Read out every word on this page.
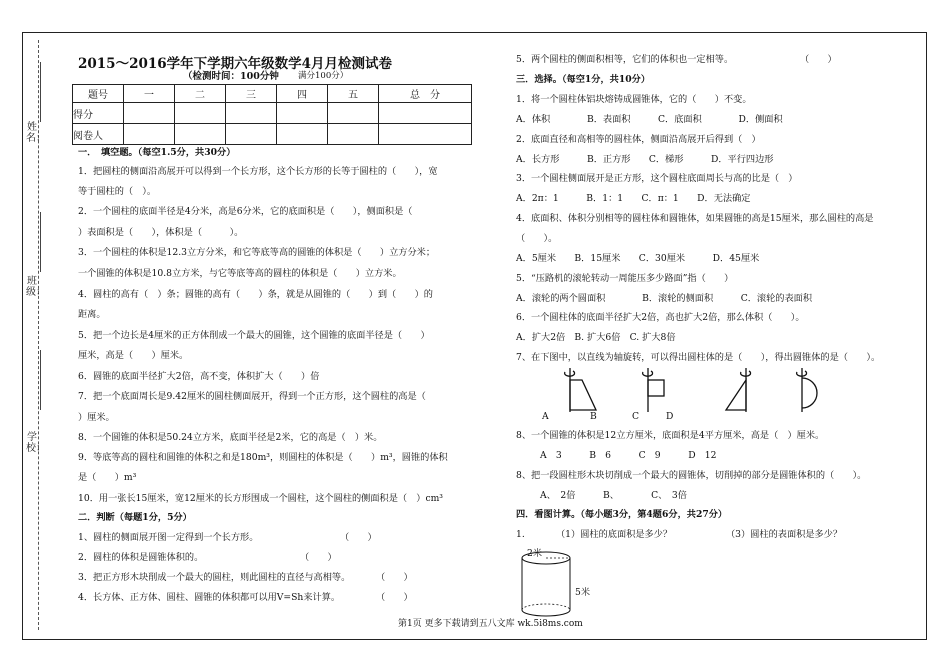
姓名：
班级：
学校：
2015～2016学年下学期六年级数学4月月检测试卷
（检测时间：100分钟 满分100分）
题号	一	二	三	四	五	总　分
得分						
阅卷人						
一．　填空题。（每空1.5分，共30分）
1．把圆柱的侧面沿高展开可以得到一个长方形，这个长方形的长等于圆柱的（　　），宽
等于圆柱的（　）。
2．一个圆柱的底面半径是4分米，高是6分米，它的底面积是（　　），侧面积是（
）表面积是（　　），体积是（　　　）。
3．一个圆柱的体积是12.3立方分米，和它等底等高的圆锥的体积是（　　）立方分米；
一个圆锥的体积是10.8立方米，与它等底等高的圆柱的体积是（　　）立方米。
4．圆柱的高有（　）条；圆锥的高有（　　）条，就是从圆锥的（　　）到（　　）的
距离。
5．把一个边长是4厘米的正方体削成一个最大的圆锥，这个圆锥的底面半径是（　　）
厘米，高是（　　）厘米。
6．圆锥的底面半径扩大2倍，高不变，体积扩大（　　）倍
7．把一个底面周长是9.42厘米的圆柱侧面展开，得到一个正方形，这个圆柱的高是（
）厘米。
8．一个圆锥的体积是50.24立方米，底面半径是2米，它的高是（　）米。
9．等底等高的圆柱和圆锥的体积之和是180m³，则圆柱的体积是（　　）m³，圆锥的体积
是（　　）m³
10．用一张长15厘米，宽12厘米的长方形围成一个圆柱，这个圆柱的侧面积是（　）cm³
二．判断（每题1分，5分）
1、圆柱的侧面展开图一定得到一个长方形。	（　　）
2．圆柱的体积是圆锥体积的。	（　　）
3．把正方形木块削成一个最大的圆柱，则此圆柱的直径与高相等。	（　　）
4．长方体、正方体、圆柱、圆锥的体积都可以用V=Sh来计算。	（　　）
5．两个圆柱的侧面积相等，它们的体积也一定相等。	（　　）
三．选择。（每空1分，共10分）
1．将一个圆柱体铝块熔铸成圆锥体，它的（　　）不变。
A．体积　　　　B．表面积　　　C．底面积　　　　D．侧面积
2．底面直径和高相等的圆柱体，侧面沿高展开后得到（　）
A．长方形　　　B．正方形　　C．梯形　　　D．平行四边形
3．一个圆柱侧面展开是正方形，这个圆柱底面周长与高的比是（　）
A．2π：1　　　B．1：1　　C．π：1　　D．无法确定
4．底面积、体积分别相等的圆柱体和圆锥体，如果圆锥的高是15厘米，那么圆柱的高是
（　　）。
A．5厘米　　B．15厘米　　C．30厘米　　　D．45厘米
5．“压路机的滚轮转动一周能压多少路面”指（　　）
A．滚轮的两个圆面积　　　　B．滚轮的侧面积　　　C．滚轮的表面积
6．一个圆柱体的底面半径扩大2倍，高也扩大2倍，那么体积（　　）。
A．扩大2倍　B. 扩大6倍　C. 扩大8倍
7、在下图中，以直线为轴旋转，可以得出圆柱体的是（　　），得出圆锥体的是（　　）。
A	B	C	D
8、一个圆锥的体积是12立方厘米，底面积是4平方厘米，高是（　）厘米。
A　3　　　B　6　　　C　9　　　D　12
8、把一段圆柱形木块切削成一个最大的圆锥体，切削掉的部分是圆锥体积的（　　）。
A、　2倍　　　B、　　　　C、　3倍
四．看图计算。（每小题3分，第4题6分，共27分）
1.	（1）圆柱的底面积是多少？	（3）圆柱的表面积是多少？
2米
5米
第1页 更多下载请到五八文库 wk.5i8ms.com
